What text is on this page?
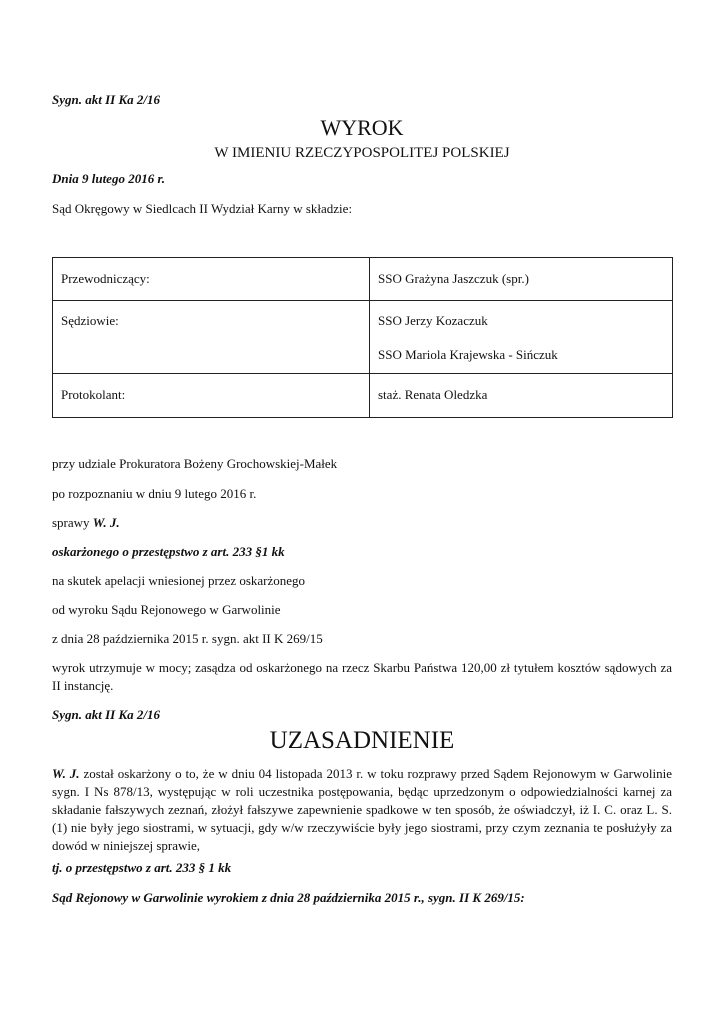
Sygn. akt II Ka 2/16
WYROK
W IMIENIU RZECZYPOSPOLITEJ POLSKIEJ
Dnia 9 lutego 2016 r.
Sąd Okręgowy w Siedlcach II Wydział Karny w składzie:
Przewodniczący:	SSO Grażyna Jaszczuk (spr.)

Sędziowie:	SSO Jerzy Kozaczuk
SSO Mariola Krajewska - Sińczuk

Protokolant:	staż. Renata Oledzka
przy udziale Prokuratora Bożeny Grochowskiej-Małek
po rozpoznaniu w dniu 9 lutego 2016 r.
sprawy W. J.
oskarżonego o przestępstwo z art. 233 §1 kk
na skutek apelacji wniesionej przez oskarżonego
od wyroku Sądu Rejonowego w Garwolinie
z dnia 28 października 2015 r. sygn. akt II K 269/15
wyrok utrzymuje w mocy; zasądza od oskarżonego na rzecz Skarbu Państwa 120,00 zł tytułem kosztów sądowych za II instancję.
Sygn. akt II Ka 2/16
UZASADNIENIE
W. J. został oskarżony o to, że w dniu 04 listopada 2013 r. w toku rozprawy przed Sądem Rejonowym w Garwolinie sygn. I Ns 878/13, występując w roli uczestnika postępowania, będąc uprzedzonym o odpowiedzialności karnej za składanie fałszywych zeznań, złożył fałszywe zapewnienie spadkowe w ten sposób, że oświadczył, iż I. C. oraz L. S. (1) nie były jego siostrami, w sytuacji, gdy w/w rzeczywiście były jego siostrami, przy czym zeznania te posłużyły za dowód w niniejszej sprawie,
tj. o przestępstwo z art. 233 § 1 kk
Sąd Rejonowy w Garwolinie wyrokiem z dnia 28 października 2015 r., sygn. II K 269/15:
